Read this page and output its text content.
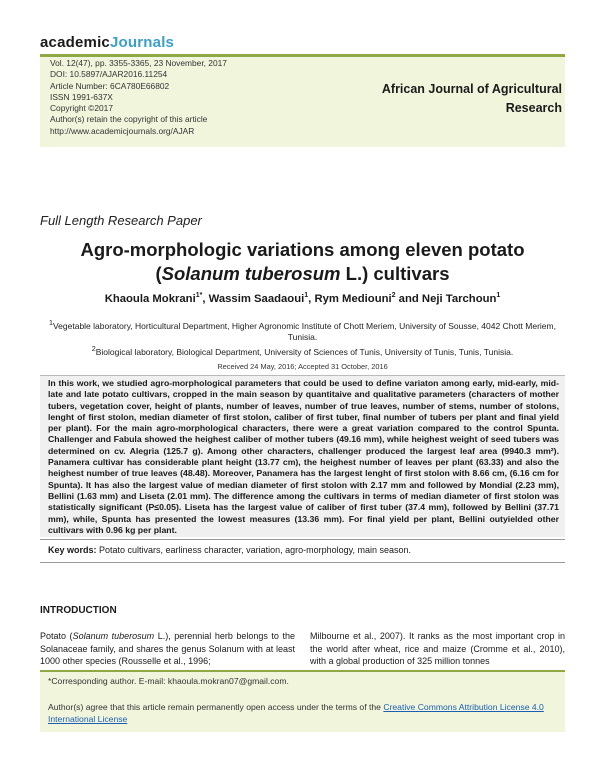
academicJournals
Vol. 12(47), pp. 3355-3365, 23 November, 2017
DOI: 10.5897/AJAR2016.11254
Article Number: 6CA780E66802
ISSN 1991-637X
Copyright ©2017
Author(s) retain the copyright of this article
http://www.academicjournals.org/AJAR
African Journal of Agricultural
Research
Full Length Research Paper
Agro-morphologic variations among eleven potato
(Solanum tuberosum L.) cultivars
Khaoula Mokrani$^{1*}$, Wassim Saadaoui$^1$, Rym Mediouni$^2$ and Neji Tarchoun$^1$
$^1$Vegetable laboratory, Horticultural Department, Higher Agronomic Institute of Chott Meriem, University of Sousse, 4042 Chott Meriem, Tunisia.
$^2$Biological laboratory, Biological Department, University of Sciences of Tunis, University of Tunis, Tunis, Tunisia.
Received 24 May, 2016; Accepted 31 October, 2016
In this work, we studied agro-morphological parameters that could be used to define variaton among early, mid-early, mid-late and late potato cultivars, cropped in the main season by quantitaive and qualitative parameters (characters of mother tubers, vegetation cover, height of plants, number of leaves, number of true leaves, number of stems, number of stolons, lenght of first stolon, median diameter of first stolon, caliber of first tuber, final number of tubers per plant and final yield per plant). For the main agro-morphological characters, there were a great variation compared to the control Spunta. Challenger and Fabula showed the heighest caliber of mother tubers (49.16 mm), while heighest weight of seed tubers was determined on cv. Alegria (125.7 g). Among other characters, challenger produced the largest leaf area (9940.3 mm²). Panamera cultivar has considerable plant height (13.77 cm), the heighest number of leaves per plant (63.33) and also the heighest number of true leaves (48.48). Moreover, Panamera has the largest lenght of first stolon with 8.66 cm, (6.16 cm for Spunta). It has also the largest value of median diameter of first stolon with 2.17 mm and followed by Mondial (2.23 mm), Bellini (1.63 mm) and Liseta (2.01 mm). The difference among the cultivars in terms of median diameter of first stolon was statistically significant (P≤0.05). Liseta has the largest value of caliber of first tuber (37.4 mm), followed by Bellini (37.71 mm), while, Spunta has presented the lowest measures (13.36 mm). For final yield per plant, Bellini outyielded other cultivars with 0.96 kg per plant.
Key words: Potato cultivars, earliness character, variation, agro-morphology, main season.
INTRODUCTION
Potato (Solanum tuberosum L.), perennial herb belongs to the Solanaceae family, and shares the genus Solanum with at least 1000 other species (Rousselle et al., 1996;
Milbourne et al., 2007). It ranks as the most important crop in the world after wheat, rice and maize (Cromme et al., 2010), with a global production of 325 million tonnes
*Corresponding author. E-mail: khaoula.mokran07@gmail.com.
Author(s) agree that this article remain permanently open access under the terms of the Creative Commons Attribution License 4.0 International License
